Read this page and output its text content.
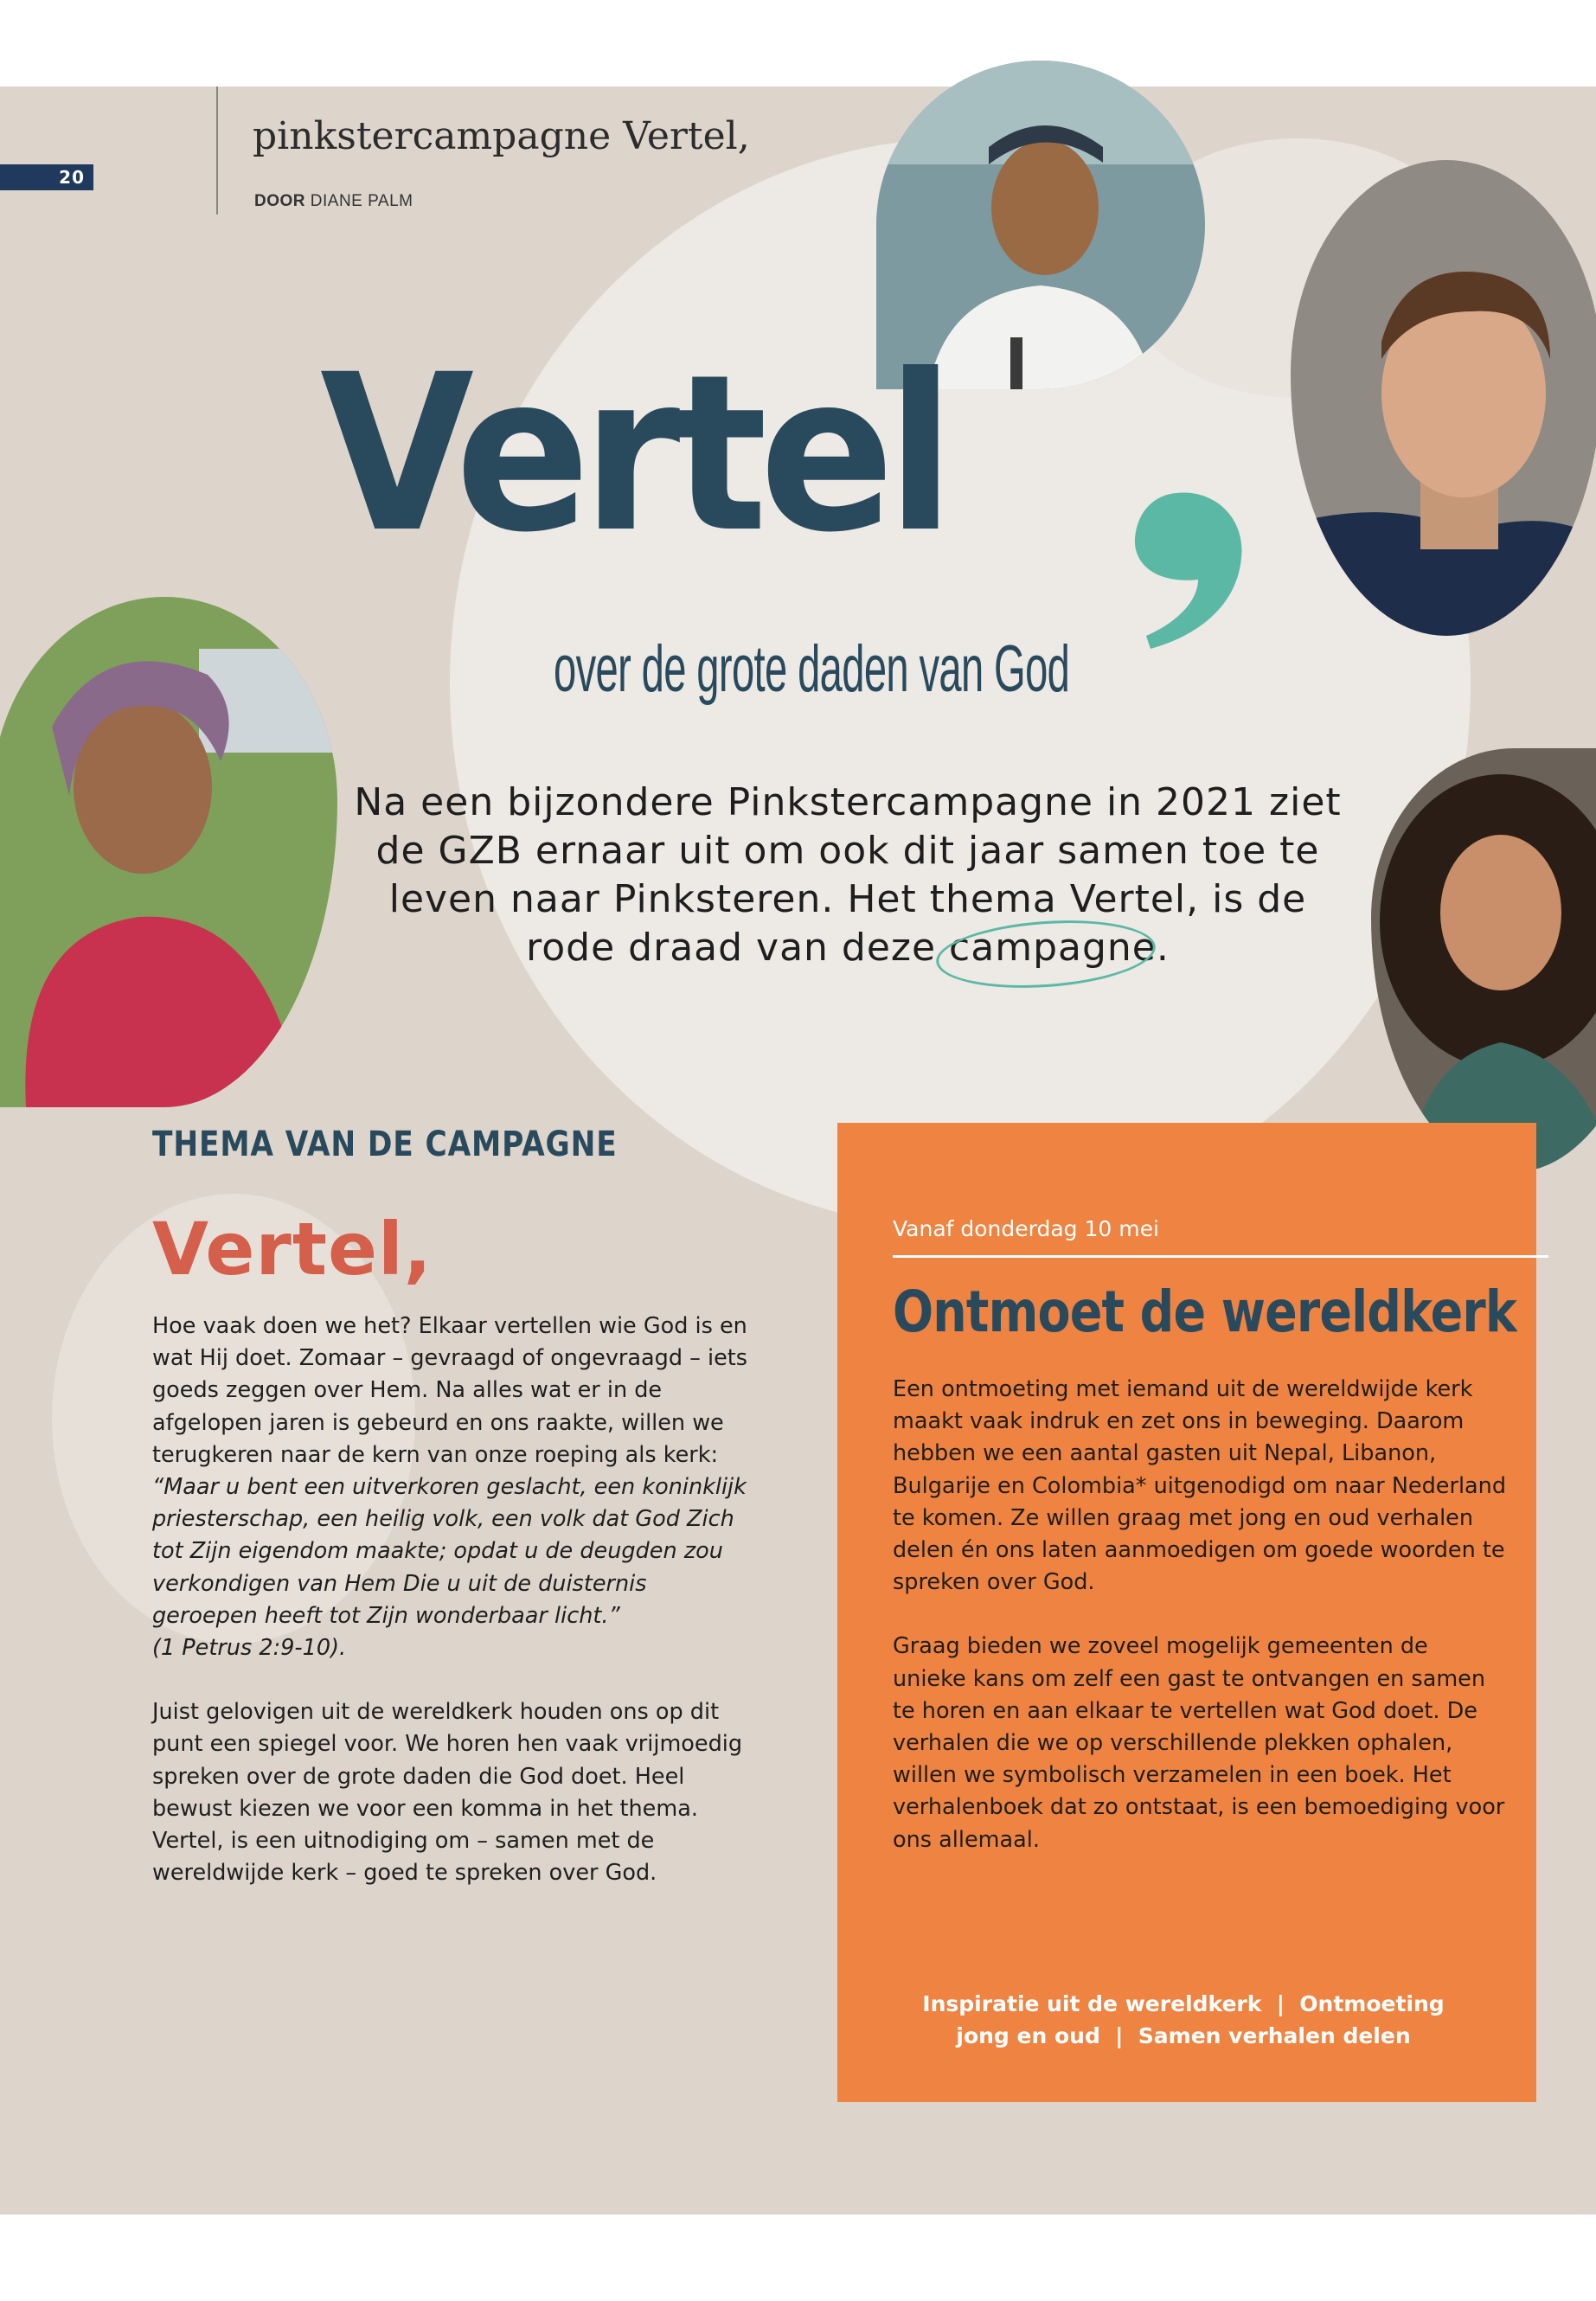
20
pinkstercampagne Vertel,
DOOR DIANE PALM
Vertel
over de grote daden van God
Na een bijzondere Pinkstercampagne in 2021 ziet de GZB ernaar uit om ook dit jaar samen toe te leven naar Pinksteren. Het thema Vertel, is de rode draad van deze campagne.
THEMA VAN DE CAMPAGNE
Vertel,

Hoe vaak doen we het? Elkaar vertellen wie God is en wat Hij doet. Zomaar – gevraagd of ongevraagd – iets goeds zeggen over Hem. Na alles wat er in de afgelopen jaren is gebeurd en ons raakte, willen we terugkeren naar de kern van onze roeping als kerk: “Maar u bent een uitverkoren geslacht, een koninklijk priesterschap, een heilig volk, een volk dat God Zich tot Zijn eigendom maakte; opdat u de deugden zou verkondigen van Hem Die u uit de duisternis geroepen heeft tot Zijn wonderbaar licht.”
(1 Petrus 2:9-10).

Juist gelovigen uit de wereldkerk houden ons op dit punt een spiegel voor. We horen hen vaak vrijmoedig spreken over de grote daden die God doet. Heel bewust kiezen we voor een komma in het thema. Vertel, is een uitnodiging om – samen met de wereldwijde kerk – goed te spreken over God.

Vanaf donderdag 10 mei
Ontmoet de wereldkerk

Een ontmoeting met iemand uit de wereldwijde kerk maakt vaak indruk en zet ons in beweging. Daarom hebben we een aantal gasten uit Nepal, Libanon, Bulgarije en Colombia* uitgenodigd om naar Nederland te komen. Ze willen graag met jong en oud verhalen delen én ons laten aanmoedigen om goede woorden te spreken over God.

Graag bieden we zoveel mogelijk gemeenten de unieke kans om zelf een gast te ontvangen en samen te horen en aan elkaar te vertellen wat God doet. De verhalen die we op verschillende plekken ophalen, willen we symbolisch verzamelen in een boek. Het verhalenboek dat zo ontstaat, is een bemoediging voor ons allemaal.

Inspiratie uit de wereldkerk  |  Ontmoeting
jong en oud  |  Samen verhalen delen
